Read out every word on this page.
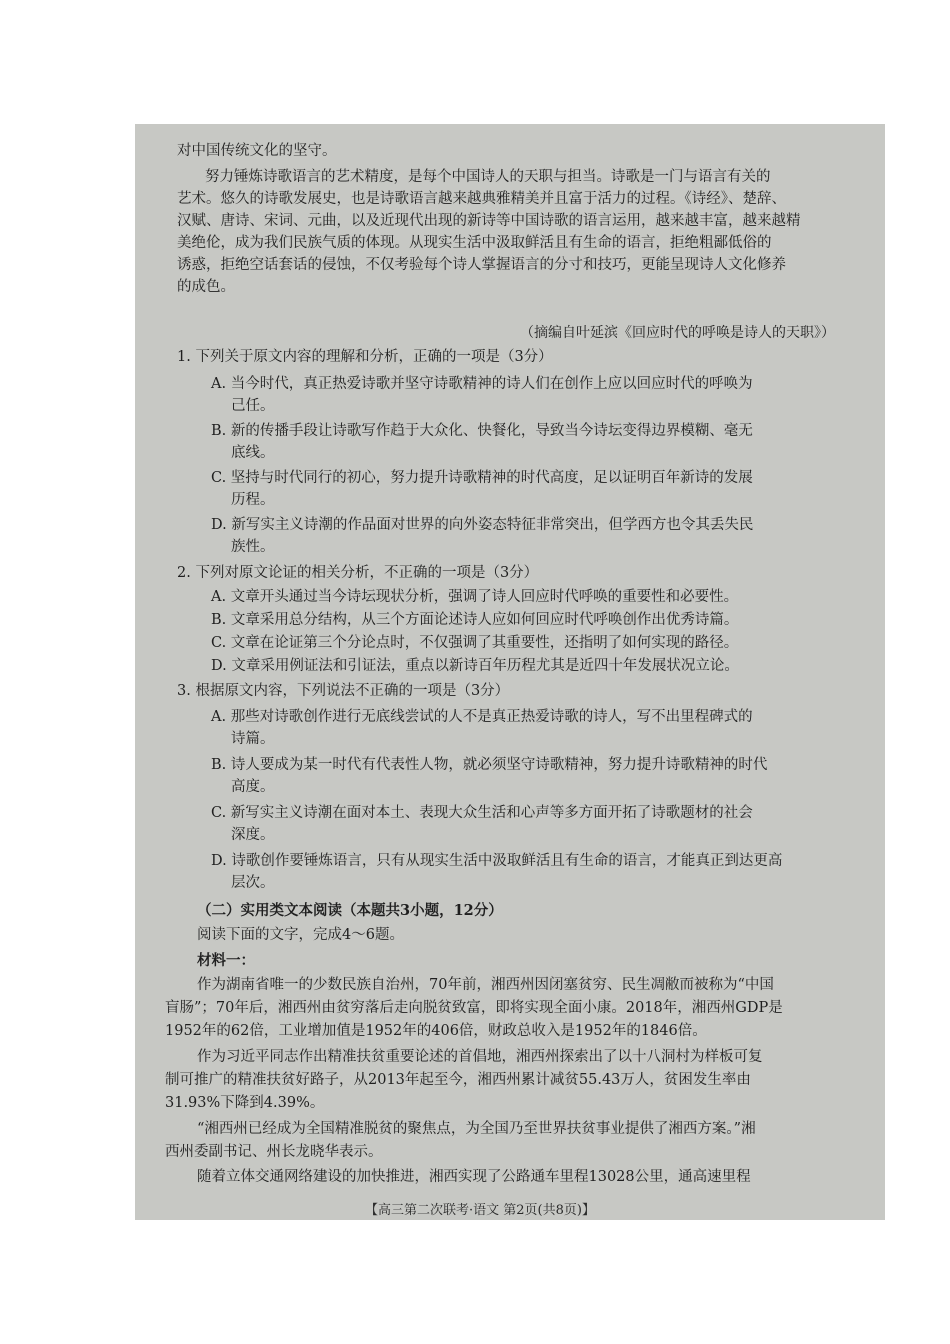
对中国传统文化的坚守。

努力锤炼诗歌语言的艺术精度，是每个中国诗人的天职与担当。诗歌是一门与语言有关的

艺术。悠久的诗歌发展史，也是诗歌语言越来越典雅精美并且富于活力的过程。《诗经》、楚辞、

汉赋、唐诗、宋词、元曲，以及近现代出现的新诗等中国诗歌的语言运用，越来越丰富，越来越精

美绝伦，成为我们民族气质的体现。从现实生活中汲取鲜活且有生命的语言，拒绝粗鄙低俗的

诱惑，拒绝空话套话的侵蚀，不仅考验每个诗人掌握语言的分寸和技巧，更能呈现诗人文化修养

的成色。

（摘编自叶延滨《回应时代的呼唤是诗人的天职》）

1. 下列关于原文内容的理解和分析，正确的一项是（3分）

A. 当今时代，真正热爱诗歌并坚守诗歌精神的诗人们在创作上应以回应时代的呼唤为

己任。

B. 新的传播手段让诗歌写作趋于大众化、快餐化，导致当今诗坛变得边界模糊、毫无

底线。

C. 坚持与时代同行的初心，努力提升诗歌精神的时代高度，足以证明百年新诗的发展

历程。

D. 新写实主义诗潮的作品面对世界的向外姿态特征非常突出，但学西方也令其丢失民

族性。

2. 下列对原文论证的相关分析，不正确的一项是（3分）

A. 文章开头通过当今诗坛现状分析，强调了诗人回应时代呼唤的重要性和必要性。

B. 文章采用总分结构，从三个方面论述诗人应如何回应时代呼唤创作出优秀诗篇。

C. 文章在论证第三个分论点时，不仅强调了其重要性，还指明了如何实现的路径。

D. 文章采用例证法和引证法，重点以新诗百年历程尤其是近四十年发展状况立论。

3. 根据原文内容，下列说法不正确的一项是（3分）

A. 那些对诗歌创作进行无底线尝试的人不是真正热爱诗歌的诗人，写不出里程碑式的

诗篇。

B. 诗人要成为某一时代有代表性人物，就必须坚守诗歌精神，努力提升诗歌精神的时代

高度。

C. 新写实主义诗潮在面对本土、表现大众生活和心声等多方面开拓了诗歌题材的社会

深度。

D. 诗歌创作要锤炼语言，只有从现实生活中汲取鲜活且有生命的语言，才能真正到达更高

层次。

（二）实用类文本阅读（本题共3小题，12分）

阅读下面的文字，完成4～6题。

材料一：

作为湖南省唯一的少数民族自治州，70年前，湘西州因闭塞贫穷、民生凋敝而被称为“中国

盲肠”；70年后，湘西州由贫穷落后走向脱贫致富，即将实现全面小康。2018年，湘西州GDP是

1952年的62倍，工业增加值是1952年的406倍，财政总收入是1952年的1846倍。

作为习近平同志作出精准扶贫重要论述的首倡地，湘西州探索出了以十八洞村为样板可复

制可推广的精准扶贫好路子，从2013年起至今，湘西州累计减贫55.43万人，贫困发生率由

31.93%下降到4.39%。

“湘西州已经成为全国精准脱贫的聚焦点，为全国乃至世界扶贫事业提供了湘西方案。”湘

西州委副书记、州长龙晓华表示。

随着立体交通网络建设的加快推进，湘西实现了公路通车里程13028公里，通高速里程

【高三第二次联考·语文 第2页(共8页)】
